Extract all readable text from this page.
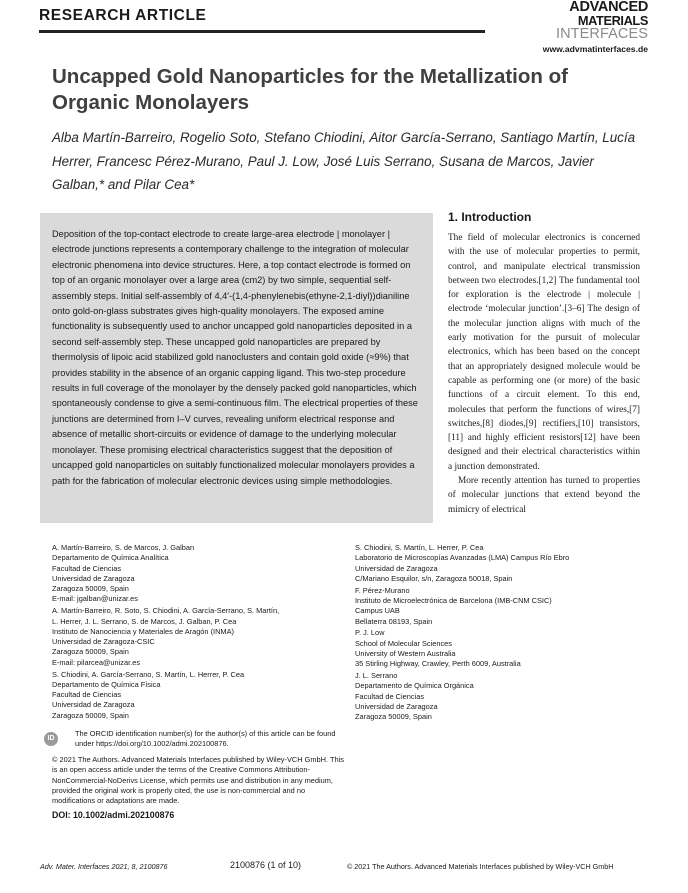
RESEARCH ARTICLE	ADVANCED
MATERIALS
INTERFACES
www.advmatinterfaces.de
Uncapped Gold Nanoparticles for the Metallization of Organic Monolayers
Alba Martín-Barreiro, Rogelio Soto, Stefano Chiodini, Aitor García-Serrano, Santiago Martín, Lucía Herrer, Francesc Pérez-Murano, Paul J. Low, José Luis Serrano, Susana de Marcos, Javier Galban,* and Pilar Cea*
Deposition of the top-contact electrode to create large-area electrode | monolayer | electrode junctions represents a contemporary challenge to the integration of molecular electronic phenomena into device structures. Here, a top contact electrode is formed on top of an organic monolayer over a large area (cm2) by two simple, sequential self-assembly steps. Initial self-assembly of 4,4′-(1,4-phenylenebis(ethyne-2,1-diyl))dianiline onto gold-on-glass substrates gives high-quality monolayers. The exposed amine functionality is subsequently used to anchor uncapped gold nanoparticles deposited in a second self-assembly step. These uncapped gold nanoparticles are prepared by thermolysis of lipoic acid stabilized gold nanoclusters and contain gold oxide (≈9%) that provides stability in the absence of an organic capping ligand. This two-step procedure results in full coverage of the monolayer by the densely packed gold nanoparticles, which spontaneously condense to give a semi-continuous film. The electrical properties of these junctions are determined from I–V curves, revealing uniform electrical response and absence of metallic short-circuits or evidence of damage to the underlying molecular monolayer. These promising electrical characteristics suggest that the deposition of uncapped gold nanoparticles on suitably functionalized molecular monolayers provides a path for the fabrication of molecular electronic devices using simple methodologies.
1. Introduction

The field of molecular electronics is concerned with the use of molecular properties to permit, control, and manipulate electrical transmission between two electrodes.[1,2] The fundamental tool for exploration is the electrode | molecule | electrode ‘molecular junction’.[3–6] The design of the molecular junction aligns with much of the early motivation for the pursuit of molecular electronics, which has been based on the concept that an appropriately designed molecule would be capable as performing one (or more) of the basic functions of a circuit element. To this end, molecules that perform the functions of wires,[7] switches,[8] diodes,[9] rectifiers,[10] transistors,[11] and highly efficient resistors[12] have been designed and their electrical characteristics within a junction demonstrated.

More recently attention has turned to properties of molecular junctions that extend beyond the mimicry of electrical

A. Martín-Barreiro, S. de Marcos, J. Galban
Departamento de Química Analítica
Facultad de Ciencias
Universidad de Zaragoza
Zaragoza 50009, Spain
E-mail: jgalban@unizar.es
A. Martín-Barreiro, R. Soto, S. Chiodini, A. García-Serrano, S. Martín,
L. Herrer, J. L. Serrano, S. de Marcos, J. Galban, P. Cea
Instituto de Nanociencia y Materiales de Aragón (INMA)
Universidad de Zaragoza-CSIC
Zaragoza 50009, Spain
E-mail: pilarcea@unizar.es
S. Chiodini, A. García-Serrano, S. Martín, L. Herrer, P. Cea
Departamento de Química Física
Facultad de Ciencias
Universidad de Zaragoza
Zaragoza 50009, Spain
S. Chiodini, S. Martín, L. Herrer, P. Cea
Laboratorio de Microscopías Avanzadas (LMA) Campus Río Ebro
Universidad de Zaragoza
C/Mariano Esquilor, s/n, Zaragoza 50018, Spain
F. Pérez-Murano
Instituto de Microelectrónica de Barcelona (IMB-CNM CSIC)
Campus UAB
Bellaterra 08193, Spain
P. J. Low
School of Molecular Sciences
University of Western Australia
35 Stirling Highway, Crawley, Perth 6009, Australia
J. L. Serrano
Departamento de Química Orgánica
Facultad de Ciencias
Universidad de Zaragoza
Zaragoza 50009, Spain
ID
The ORCID identification number(s) for the author(s) of this article can be found under https://doi.org/10.1002/admi.202100876.
© 2021 The Authors. Advanced Materials Interfaces published by Wiley-VCH GmbH. This is an open access article under the terms of the Creative Commons Attribution-NonCommercial-NoDerivs License, which permits use and distribution in any medium, provided the original work is properly cited, the use is non-commercial and no modifications or adaptations are made.
DOI: 10.1002/admi.202100876
Adv. Mater. Interfaces 2021, 8, 2100876	2100876 (1 of 10)	© 2021 The Authors. Advanced Materials Interfaces published by Wiley-VCH GmbH
